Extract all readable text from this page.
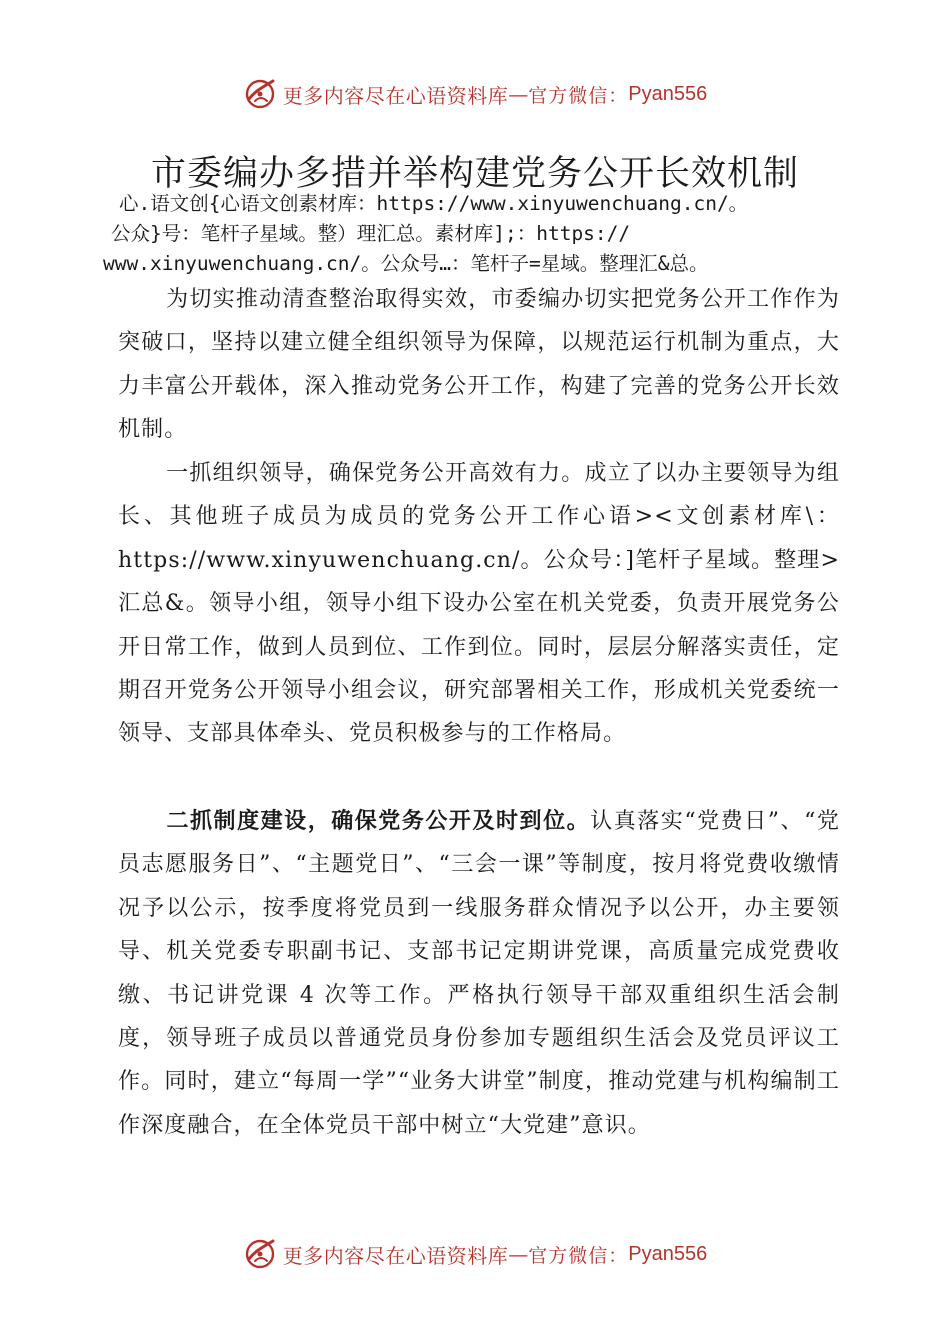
更多内容尽在心语资料库 — 官方微信： Pyan556
市委编办多措并举构建党务公开长效机制
心.语文创{心语文创素材库：https://www.xinyuwenchuang.cn/。
公众}号：笔杆子星域。整）理汇总。素材库];：https://
www.xinyuwenchuang.cn/。公众号…：笔杆子=星域。整理汇&总。

为切实推动清查整治取得实效，市委编办切实把党务公开工作作为突破口，坚持以建立健全组织领导为保障，以规范运行机制为重点，大力丰富公开载体，深入推动党务公开工作，构建了完善的党务公开长效机制。

一抓组织领导，确保党务公开高效有力。成立了以办主要领导为组长、其他班子成员为成员的党务公开工作心语><文创素材库\：https://www.xinyuwenchuang.cn/。公众号：]笔杆子星域。整理>汇总&。领导小组，领导小组下设办公室在机关党委，负责开展党务公开日常工作，做到人员到位、工作到位。同时，层层分解落实责任，定期召开党务公开领导小组会议，研究部署相关工作，形成机关党委统一领导、支部具体牵头、党员积极参与的工作格局。

二抓制度建设，确保党务公开及时到位。认真落实“党费日”、“党员志愿服务日”、“主题党日”、“三会一课”等制度，按月将党费收缴情况予以公示，按季度将党员到一线服务群众情况予以公开，办主要领导、机关党委专职副书记、支部书记定期讲党课，高质量完成党费收缴、书记讲党课 4 次等工作。严格执行领导干部双重组织生活会制度，领导班子成员以普通党员身份参加专题组织生活会及党员评议工作。同时，建立“每周一学”“业务大讲堂”制度，推动党建与机构编制工作深度融合，在全体党员干部中树立“大党建”意识。

更多内容尽在心语资料库 — 官方微信： Pyan556
